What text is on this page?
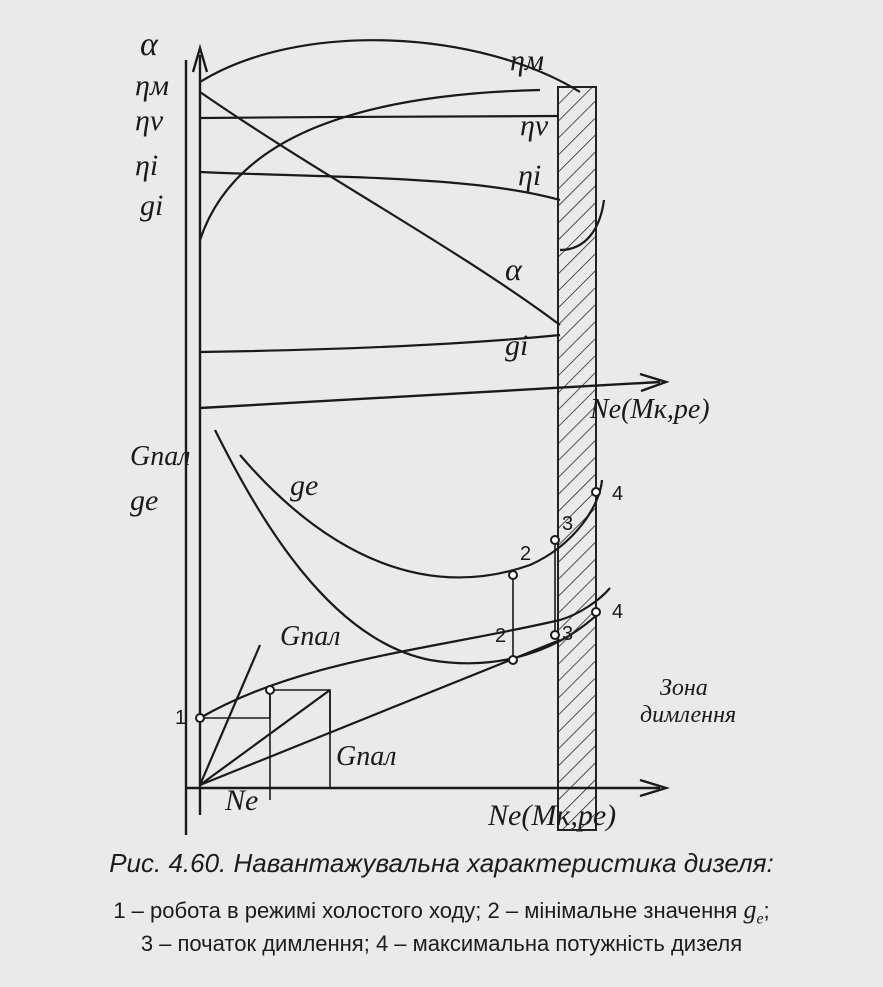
α
ηм
ηv
ηi
gi
Gпал
ge	ge
ηм
ηv
ηi
α
gi
Gпал
Gпал
Ne
Ne(Mк,pe)
Ne(Mк,pe)
Зона
димлення
1
2
2
3
3
4
4
Рис. 4.60. Навантажувальна характеристика дизеля:
1 – робота в режимі холостого ходу; 2 – мінімальне значення $g_e$;
3 – початок димлення; 4 – максимальна потужність дизеля
